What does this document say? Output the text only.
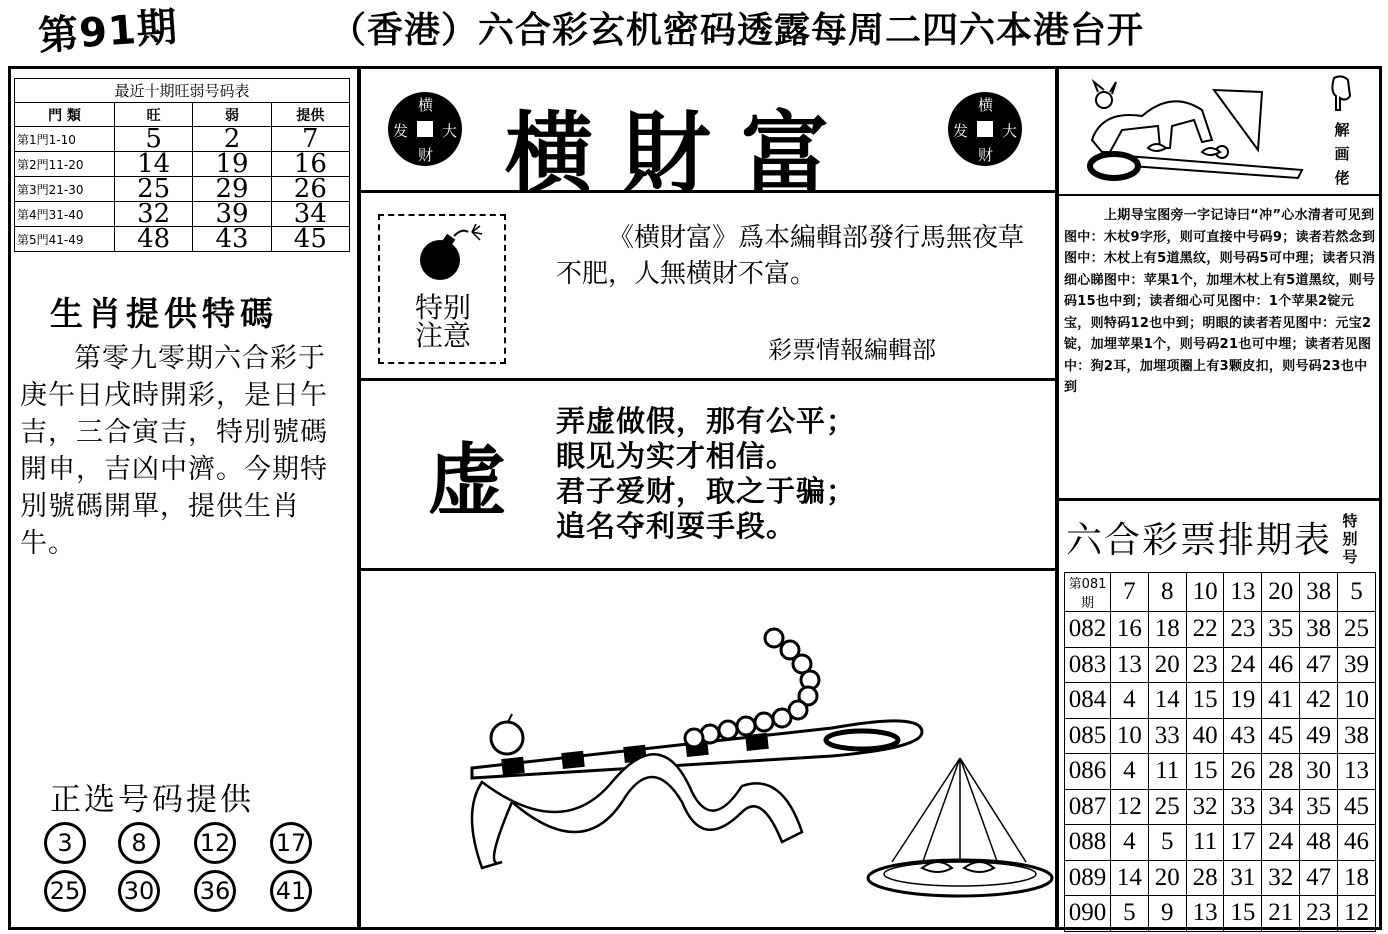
第91期	（香港）六合彩玄机密码透露每周二四六本港台开
最近十期旺弱号码表			
門 類	旺	弱	提供
第1門1-10	5	2	7
第2門11-20	14	19	16
第3門21-30	25	29	26
第4門31-40	32	39	34
第5門41-49	48	43	45
生肖提供特碼
第零九零期六合彩于庚午日戌時開彩，是日午吉，三合寅吉，特別號碼開申，吉凶中濟。今期特別號碼開單，提供生肖牛。
正选号码提供
3	8	12 17
25 30 36 41
横
发 大
财
横
发 大
财
横財富
特别
注意
《横財富》爲本編輯部發行馬無夜草不肥，人無横財不富。
彩票情報編輯部
虚
弄虚做假，那有公平；
眼见为实才相信。
君子爱财，取之于骗；
追名夺利耍手段。
解
画
佬
上期导宝图旁一字记诗曰“冲”心水清者可见到图中：木杖9字形，则可直接中号码9；读者若然念到图中：木杖上有5道黑纹，则号码5可中理；读者只消细心睇图中：苹果1个，加埋木杖上有5道黑纹，则号码15也中到；读者细心可见图中：1个苹果2锭元宝，则特码12也中到；明眼的读者若见图中：元宝2锭，加埋苹果1个，则号码21也可中埋；读者若见图中：狗2耳，加埋项圈上有3颗皮扣，则号码23也中到
六合彩票排期表 特
别
号
第081期	7	8	10	13	20	38	5
082	16	18	22	23	35	38	25
083	13	20	23	24	46	47	39
084	4	14	15	19	41	42	10
085	10	33	40	43	45	49	38
086	4	11	15	26	28	30	13
087	12	25	32	33	34	35	45
088	4	5	11	17	24	48	46
089	14	20	28	31	32	47	18
090	5	9	13	15	21	23	12
